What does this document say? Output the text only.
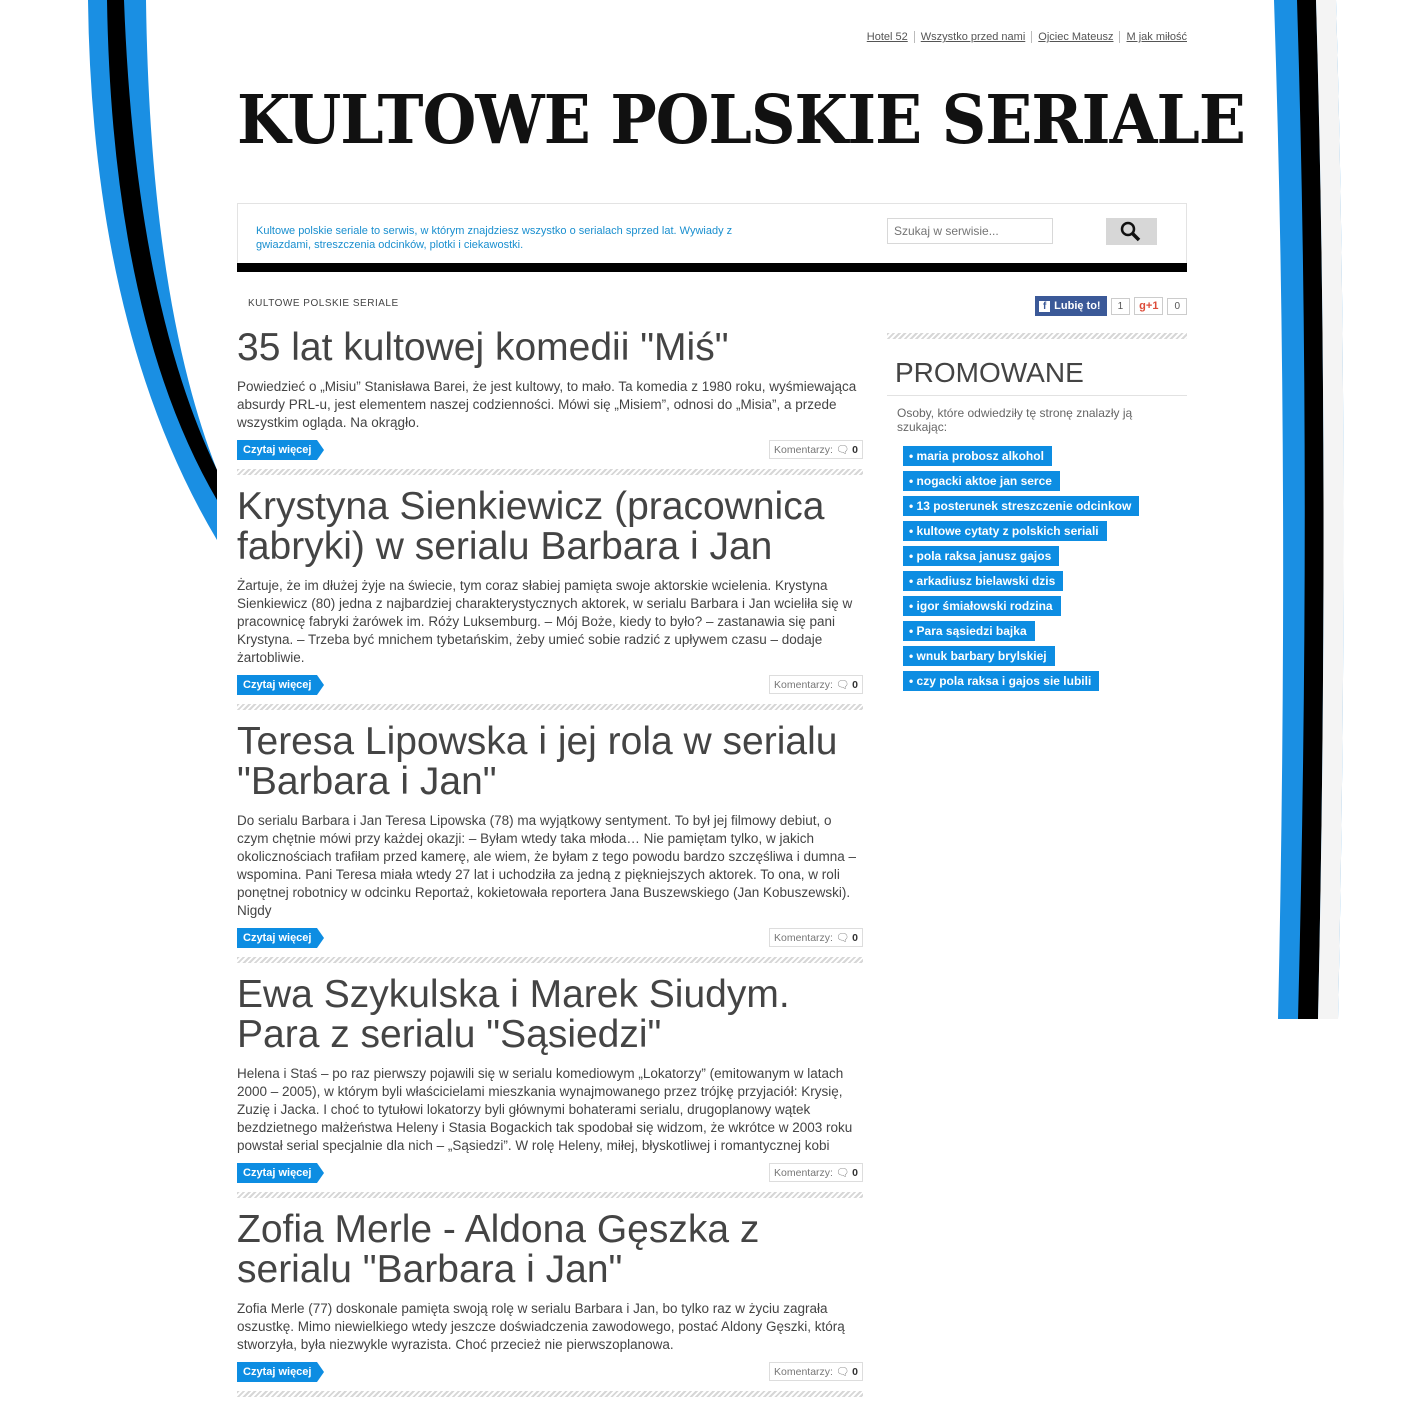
Hotel 52 Wszystko przed nami Ojciec Mateusz M jak miłość
KULTOWE POLSKIE SERIALE
Kultowe polskie seriale to serwis, w którym znajdziesz wszystko o serialach sprzed lat. Wywiady z gwiazdami, streszczenia odcinków, plotki i ciekawostki.
Szukaj w serwisie...
KULTOWE POLSKIE SERIALE	f Lubię to!	1	g+1	0
35 lat kultowej komedii "Miś"

Powiedzieć o „Misiu” Stanisława Barei, że jest kultowy, to mało. Ta komedia z 1980 roku, wyśmiewająca absurdy PRL-u, jest elementem naszej codzienności. Mówi się „Misiem”, odnosi do „Misia”, a przede wszystkim ogląda. Na okrągło.

Czytaj więcej	Komentarzy: 🗨 0
Krystyna Sienkiewicz (pracownica fabryki) w serialu Barbara i Jan

Żartuje, że im dłużej żyje na świecie, tym coraz słabiej pamięta swoje aktorskie wcielenia. Krystyna Sienkiewicz (80) jedna z najbardziej charakterystycznych aktorek, w serialu Barbara i Jan wcieliła się w pracownicę fabryki żarówek im. Róży Luksemburg. – Mój Boże, kiedy to było? – zastanawia się pani Krystyna. – Trzeba być mnichem tybetańskim, żeby umieć sobie radzić z upływem czasu – dodaje żartobliwie.

Czytaj więcej	Komentarzy: 🗨 0
Teresa Lipowska i jej rola w serialu "Barbara i Jan"

Do serialu Barbara i Jan Teresa Lipowska (78) ma wyjątkowy sentyment. To był jej filmowy debiut, o czym chętnie mówi przy każdej okazji: – Byłam wtedy taka młoda… Nie pamiętam tylko, w jakich okolicznościach trafiłam przed kamerę, ale wiem, że byłam z tego powodu bardzo szczęśliwa i dumna – wspomina. Pani Teresa miała wtedy 27 lat i uchodziła za jedną z piękniejszych aktorek. To ona, w roli ponętnej robotnicy w odcinku Reportaż, kokietowała reportera Jana Buszewskiego (Jan Kobuszewski). Nigdy

Czytaj więcej	Komentarzy: 🗨 0
Ewa Szykulska i Marek Siudym. Para z serialu "Sąsiedzi"

Helena i Staś – po raz pierwszy pojawili się w serialu komediowym „Lokatorzy” (emitowanym w latach 2000 – 2005), w którym byli właścicielami mieszkania wynajmowanego przez trójkę przyjaciół: Krysię, Zuzię i Jacka. I choć to tytułowi lokatorzy byli głównymi bohaterami serialu, drugoplanowy wątek bezdzietnego małżeństwa Heleny i Stasia Bogackich tak spodobał się widzom, że wkrótce w 2003 roku powstał serial specjalnie dla nich – „Sąsiedzi”. W rolę Heleny, miłej, błyskotliwej i romantycznej kobi

Czytaj więcej	Komentarzy: 🗨 0
Zofia Merle - Aldona Gęszka z serialu "Barbara i Jan"

Zofia Merle (77) doskonale pamięta swoją rolę w serialu Barbara i Jan, bo tylko raz w życiu zagrała oszustkę. Mimo niewielkiego wtedy jeszcze doświadczenia zawodowego, postać Aldony Gęszki, którą stworzyła, była niezwykle wyrazista. Choć przecież nie pierwszoplanowa.

Czytaj więcej	Komentarzy: 🗨 0
PROMOWANE
Osoby, które odwiedziły tę stronę znalazły ją szukając:
• maria probosz alkohol
• nogacki aktoe jan serce
• 13 posterunek streszczenie odcinkow
• kultowe cytaty z polskich seriali
• pola raksa janusz gajos
• arkadiusz bielawski dzis
• igor śmiałowski rodzina
• Para sąsiedzi bajka
• wnuk barbary brylskiej
• czy pola raksa i gajos sie lubili
